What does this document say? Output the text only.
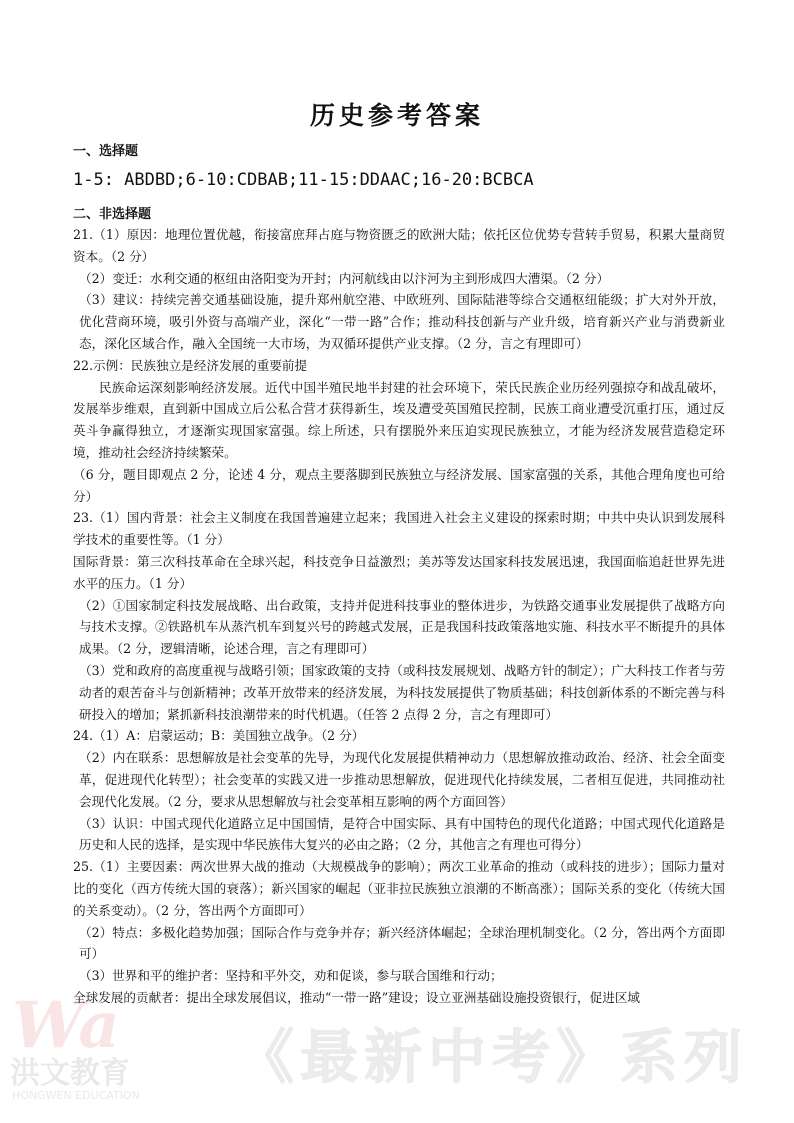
Wa
洪文教育
HONGWEN EDUCATION
《最新中考》系列
历史参考答案
一、选择题
1-5: ABDBD;6-10:CDBAB;11-15:DDAAC;16-20:BCBCA
二、非选择题

21.（1）原因：地理位置优越，衔接富庶拜占庭与物资匮乏的欧洲大陆；依托区位优势专营转手贸易，积累大量商贸资本。（2 分）

（2）变迁：水利交通的枢纽由洛阳变为开封；内河航线由以汴河为主到形成四大漕渠。（2 分）

（3）建议：持续完善交通基础设施，提升郑州航空港、中欧班列、国际陆港等综合交通枢纽能级；扩大对外开放，优化营商环境，吸引外资与高端产业，深化“一带一路”合作；推动科技创新与产业升级，培育新兴产业与消费新业态，深化区域合作，融入全国统一大市场，为双循环提供产业支撑。（2 分，言之有理即可）

22.示例：民族独立是经济发展的重要前提

民族命运深刻影响经济发展。近代中国半殖民地半封建的社会环境下，荣氏民族企业历经列强掠夺和战乱破坏，发展举步维艰，直到新中国成立后公私合营才获得新生，埃及遭受英国殖民控制，民族工商业遭受沉重打压，通过反英斗争赢得独立，才逐渐实现国家富强。综上所述，只有摆脱外来压迫实现民族独立，才能为经济发展营造稳定环境，推动社会经济持续繁荣。

（6 分，题目即观点 2 分，论述 4 分，观点主要落脚到民族独立与经济发展、国家富强的关系，其他合理角度也可给分）

23.（1）国内背景：社会主义制度在我国普遍建立起来；我国进入社会主义建设的探索时期；中共中央认识到发展科学技术的重要性等。（1 分）

国际背景：第三次科技革命在全球兴起，科技竞争日益激烈；美苏等发达国家科技发展迅速，我国面临追赶世界先进水平的压力。（1 分）

（2）①国家制定科技发展战略、出台政策，支持并促进科技事业的整体进步，为铁路交通事业发展提供了战略方向与技术支撑。②铁路机车从蒸汽机车到复兴号的跨越式发展，正是我国科技政策落地实施、科技水平不断提升的具体成果。（2 分，逻辑清晰，论述合理，言之有理即可）

（3）党和政府的高度重视与战略引领；国家政策的支持（或科技发展规划、战略方针的制定）；广大科技工作者与劳动者的艰苦奋斗与创新精神；改革开放带来的经济发展，为科技发展提供了物质基础；科技创新体系的不断完善与科研投入的增加；紧抓新科技浪潮带来的时代机遇。（任答 2 点得 2 分，言之有理即可）

24.（1）A：启蒙运动；B：美国独立战争。（2 分）

（2）内在联系：思想解放是社会变革的先导，为现代化发展提供精神动力（思想解放推动政治、经济、社会全面变革，促进现代化转型）；社会变革的实践又进一步推动思想解放，促进现代化持续发展，二者相互促进，共同推动社会现代化发展。（2 分，要求从思想解放与社会变革相互影响的两个方面回答）

（3）认识：中国式现代化道路立足中国国情，是符合中国实际、具有中国特色的现代化道路；中国式现代化道路是历史和人民的选择，是实现中华民族伟大复兴的必由之路；（2 分，其他言之有理也可得分）

25.（1）主要因素：两次世界大战的推动（大规模战争的影响）；两次工业革命的推动（或科技的进步）；国际力量对比的变化（西方传统大国的衰落）；新兴国家的崛起（亚非拉民族独立浪潮的不断高涨）；国际关系的变化（传统大国的关系变动）。（2 分，答出两个方面即可）

（2）特点：多极化趋势加强；国际合作与竞争并存；新兴经济体崛起；全球治理机制变化。（2 分，答出两个方面即可）

（3）世界和平的维护者：坚持和平外交，劝和促谈，参与联合国维和行动；

全球发展的贡献者：提出全球发展倡议，推动“一带一路”建设；设立亚洲基础设施投资银行，促进区域
